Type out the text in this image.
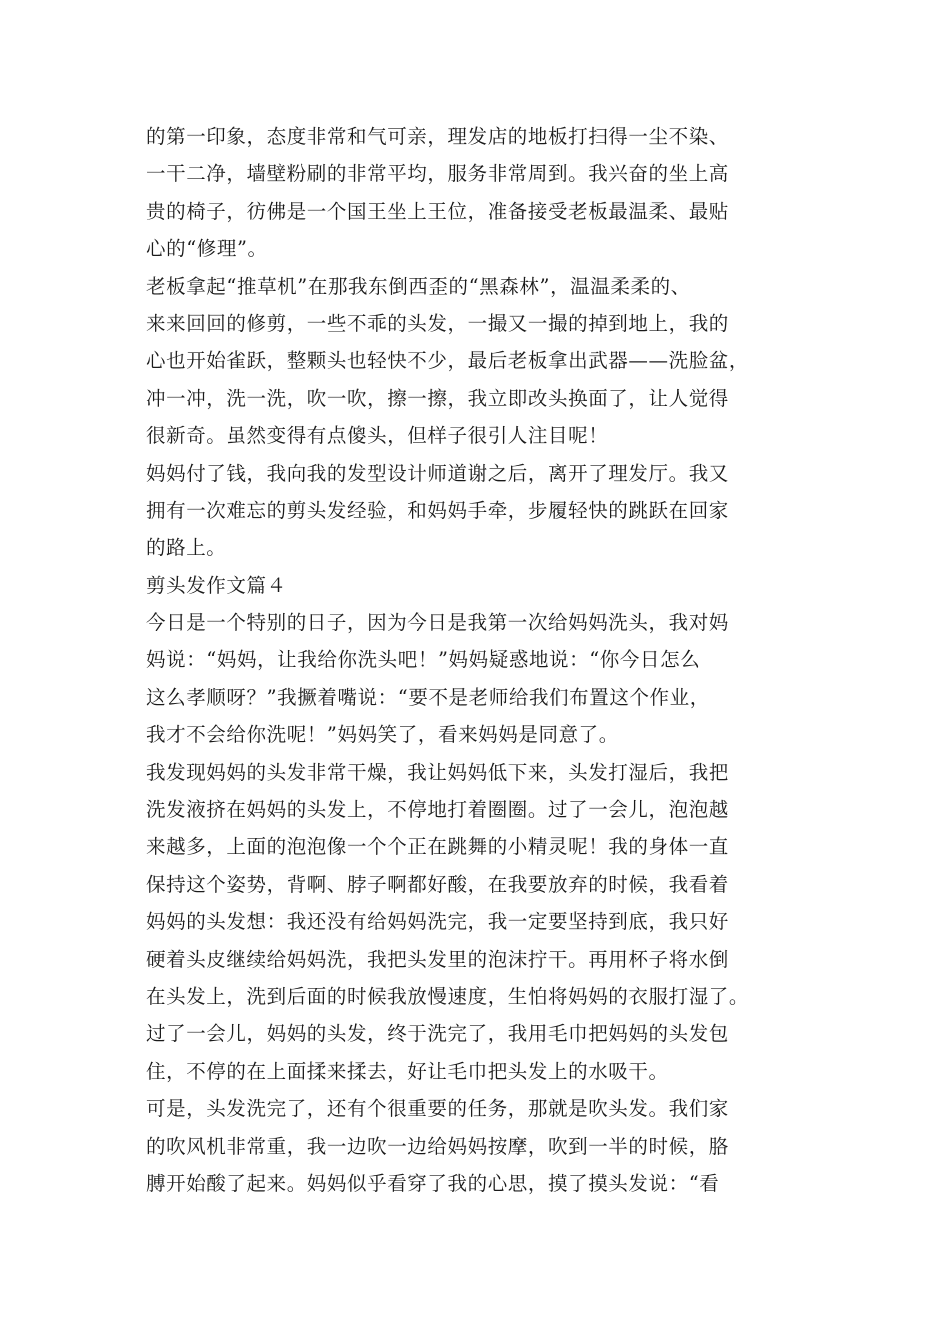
的第一印象，态度非常和气可亲，理发店的地板打扫得一尘不染、
一干二净，墙壁粉刷的非常平均，服务非常周到。我兴奋的坐上高
贵的椅子，彷佛是一个国王坐上王位，准备接受老板最温柔、最贴
心的“修理”。
老板拿起“推草机”在那我东倒西歪的“黑森林”，温温柔柔的、
来来回回的修剪，一些不乖的头发，一撮又一撮的掉到地上，我的
心也开始雀跃，整颗头也轻快不少，最后老板拿出武器——洗脸盆，
冲一冲，洗一洗，吹一吹，擦一擦，我立即改头换面了，让人觉得
很新奇。虽然变得有点傻头，但样子很引人注目呢！
妈妈付了钱，我向我的发型设计师道谢之后，离开了理发厅。我又
拥有一次难忘的剪头发经验，和妈妈手牵，步履轻快的跳跃在回家
的路上。
剪头发作文篇４
今日是一个特别的日子，因为今日是我第一次给妈妈洗头，我对妈
妈说：“妈妈，让我给你洗头吧！”妈妈疑惑地说：“你今日怎么
这么孝顺呀？”我撅着嘴说：“要不是老师给我们布置这个作业，
我才不会给你洗呢！”妈妈笑了，看来妈妈是同意了。
我发现妈妈的头发非常干燥，我让妈妈低下来，头发打湿后，我把
洗发液挤在妈妈的头发上，不停地打着圈圈。过了一会儿，泡泡越
来越多，上面的泡泡像一个个正在跳舞的小精灵呢！我的身体一直
保持这个姿势，背啊、脖子啊都好酸，在我要放弃的时候，我看着
妈妈的头发想：我还没有给妈妈洗完，我一定要坚持到底，我只好
硬着头皮继续给妈妈洗，我把头发里的泡沫拧干。再用杯子将水倒
在头发上，洗到后面的时候我放慢速度，生怕将妈妈的衣服打湿了。
过了一会儿，妈妈的头发，终于洗完了，我用毛巾把妈妈的头发包
住，不停的在上面揉来揉去，好让毛巾把头发上的水吸干。
可是，头发洗完了，还有个很重要的任务，那就是吹头发。我们家
的吹风机非常重，我一边吹一边给妈妈按摩，吹到一半的时候，胳
膊开始酸了起来。妈妈似乎看穿了我的心思，摸了摸头发说：“看
